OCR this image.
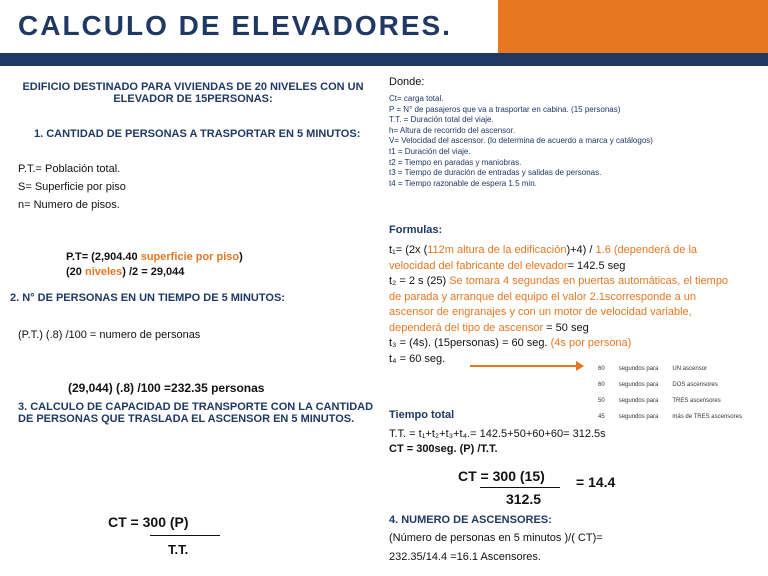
CALCULO DE ELEVADORES.
EDIFICIO DESTINADO PARA VIVIENDAS DE 20 NIVELES CON UN
ELEVADOR DE 15PERSONAS:
1. CANTIDAD DE PERSONAS A TRASPORTAR EN 5 MINUTOS:
P.T.= Población total.
S= Superficie por piso
n= Numero de pisos.
P.T= (2,904.40 superficie por piso)
(20 niveles) /2 = 29,044
2. N° DE PERSONAS EN UN TIEMPO DE 5 MINUTOS:
(P.T.) (.8) /100 = numero de personas
(29,044) (.8) /100 =232.35 personas
3. CALCULO DE CAPACIDAD DE TRANSPORTE CON LA CANTIDAD
DE PERSONAS QUE TRASLADA EL ASCENSOR EN 5 MINUTOS.
CT = 300 (P)
T.T.
Donde:
Ct= carga total.
P = N° de pasajeros que va a trasportar en cabina. (15 personas)
T.T. = Duración total del viaje.
h= Altura de recorrido del ascensor.
V= Velocidad del ascensor. (lo determina de acuerdo a marca y catálogos)
t1 = Duración del viaje.
t2 = Tiempo en paradas y maniobras.
t3 = Tiempo de duración de entradas y salidas de personas.
t4 = Tiempo razonable de espera 1.5 min.
Formulas:
t₁= (2x (112m altura de la edificación)+4) / 1.6 (dependerá de la
velocidad del fabricante del elevador= 142.5 seg
t₂ = 2 s (25) Se tomara 4 segundas en puertas automáticas, el tiempo
de parada y arranque del equipo el valor 2.1scorresponde a un
ascensor de engranajes y con un motor de velocidad variable,
dependerá del tipo de ascensor = 50 seg
t₃ = (4s). (15personas) = 60 seg. (4s por persona)
t₄ = 60 seg.
60	segundos para	UN ascensor
60	segundos para	DOS ascensores
50	segundos para	TRES ascensores
45	segundos para	más de TRES ascensores
Tiempo total
T.T. = t₁+t₂+t₃+t₄.= 142.5+50+60+60= 312.5s
CT = 300seg. (P) /T.T.
CT = 300 (15) = 14.4
312.5
4. NUMERO DE ASCENSORES:
(Número de personas en 5 minutos )/( CT)=
232.35/14.4 =16.1 Ascensores.
